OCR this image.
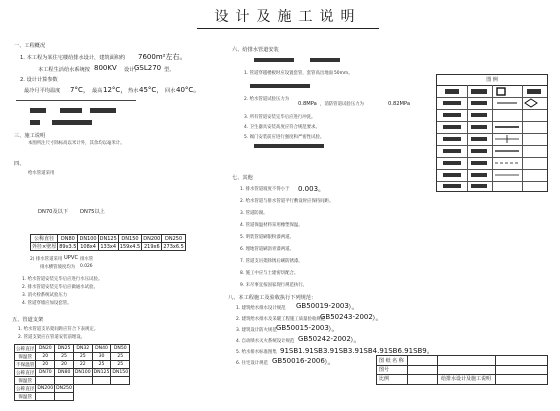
设计及施工说明
一、工程概况
1. 本工程为某住宅楼给排水设计，建筑面积约 7600m²左右。
本工程生活给水系统按 800KV 设计，
GSL270 型。
2. 设计计算参数
最冷月平均温度 7°C， 最高 12°C， 热水 45°C， 回水 40°C。
三、施工说明
本图所注尺寸除标高以米计外，其余均以毫米计。
四、
给水管道采用
DN70及以下 DN75以上
公称直径	DN80	DN100	DN125	DN150	DN200	DN250
外径×壁厚	89x3.5	108x4	133x4	159x4.5	219x6	273x6.5
2) 排水管道采用 UPVC 排水管
排水横管坡度均为 0.026
1. 给水管道安装完毕后应进行水压试验。
2. 排水管道安装完毕后应做通水试验。
3. 消火栓系统试验压力
4. 管道穿墙应加设套管。
五、管道支架
1. 给水管道支吊架间距应符合下表规定。
2. 管道支架应在管道安装前埋设。
公称直径	DN20	DN25	DN32	DN40	DN50
保温管	20	25	25	30	25
不保温管	20	20	22	25	25
公称直径	DN70	DN80	DN100	DN125	DN150
保温管					
公称直径	DN200	DN250			
保温管					
六、给排水管道安装
1. 管道穿越楼板时应设置套管，套管高出地面 50mm。
2. 给水管道试验压力为
0.8MPa ，消防管道试验压力为	0.82MPa
3. 所有管道安装完毕后应进行冲洗。
4. 卫生器具安装高度应符合规范要求。
5. 阀门安装前应进行强度和严密性试验。
七、其他
1. 排水管道坡度不得小于 0.003。
2. 给水管道与排水管道平行敷设时应保持间距。
3. 管道防腐。
4. 管道保温材料采用橡塑保温。
5. 明装管道刷银粉漆两道。
6. 埋地管道刷沥青漆两道。
7. 管道支吊架除锈后刷防锈漆。
8. 施工中应与土建密切配合。
9. 未尽事宜按国家现行规范执行。
八、本工程施工及验收执行下列规范：
1. 建筑给水排水设计规范 GB50019-2003 ）。
2. 建筑给水排水及采暖工程施工质量验收规范
GB50243-2002 ）。
3. 建筑设计防火规范 GB50015-2003 ）。
4. 自动喷水灭火系统设计规范 GB50242-2002 ）。
5. 给水排水标准图集 91SB1.91SB3.91SB3.91SB4.91SB6.91SB9。
6. 住宅设计规范 GB50016-2006 ）。
图 例
图 纸 名 称
给排水设计及施工说明
图号
比例
